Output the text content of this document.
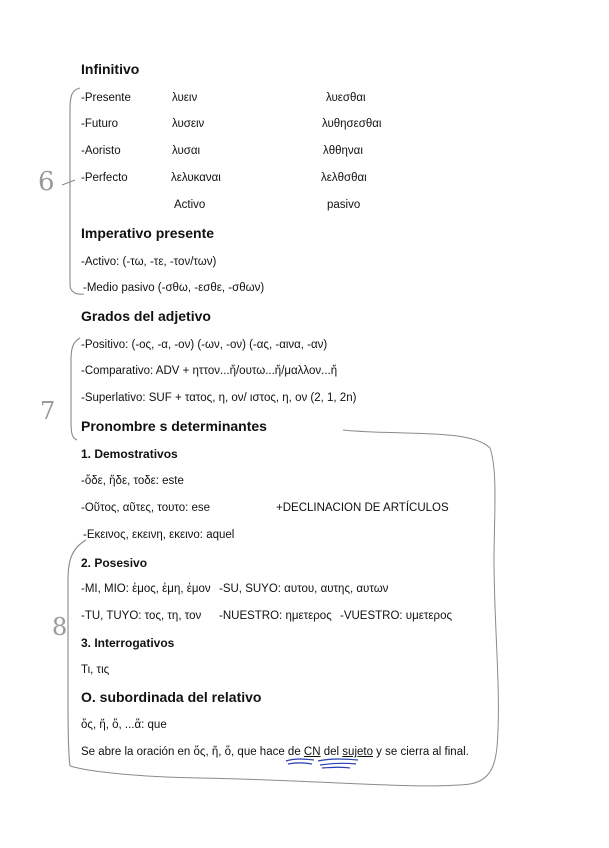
Infinitivo
-Presente	λυειν	λυεσθαι
-Futuro	λυσειν	λυθησεσθαι
-Aoristo	λυσαι	λθθηναι
-Perfecto	λελυκαναι	λελθσθαι
Activo	pasivo
Imperativo presente
-Activo: (-τω, -τε, -τον/των)
-Medio pasivo (-σθω, -εσθε, -σθων)
Grados del adjetivo
-Positivo: (-ος, -α, -ον) (-ων, -ον) (-ας, -αινα, -αν)
-Comparativo: ADV + ηττον...ἤ/ουτω...ἤ/μαλλον...ἤ
-Superlativo: SUF + τατος, η, ον/ ιστος, η, ον (2, 1, 2n)
Pronombre s determinantes
1. Demostrativos
-ὅδε, ἥδε, τοδε: este
-Οῦτος, αῦτες, τουτο: ese	+DECLINACION DE ARTÍCULOS
-Εκεινος, εκεινη, εκεινο: aquel
2. Posesivo
-MI, MIO: ἐμος, ἐμη, ἐμον -SU, SUYO: αυτου, αυτης, αυτων
-TU, TUYO: τος, τη, τον -NUESTRO: ημετερος -VUESTRO: υμετερος
3. Interrogativos
Τι, τις
O. subordinada del relativo
ὅς, ἥ, ὅ, ...ἅ: que
Se abre la oración en ὅς, ἥ, ὅ, que hace de CN del sujeto y se cierra al final.
6
7
8
